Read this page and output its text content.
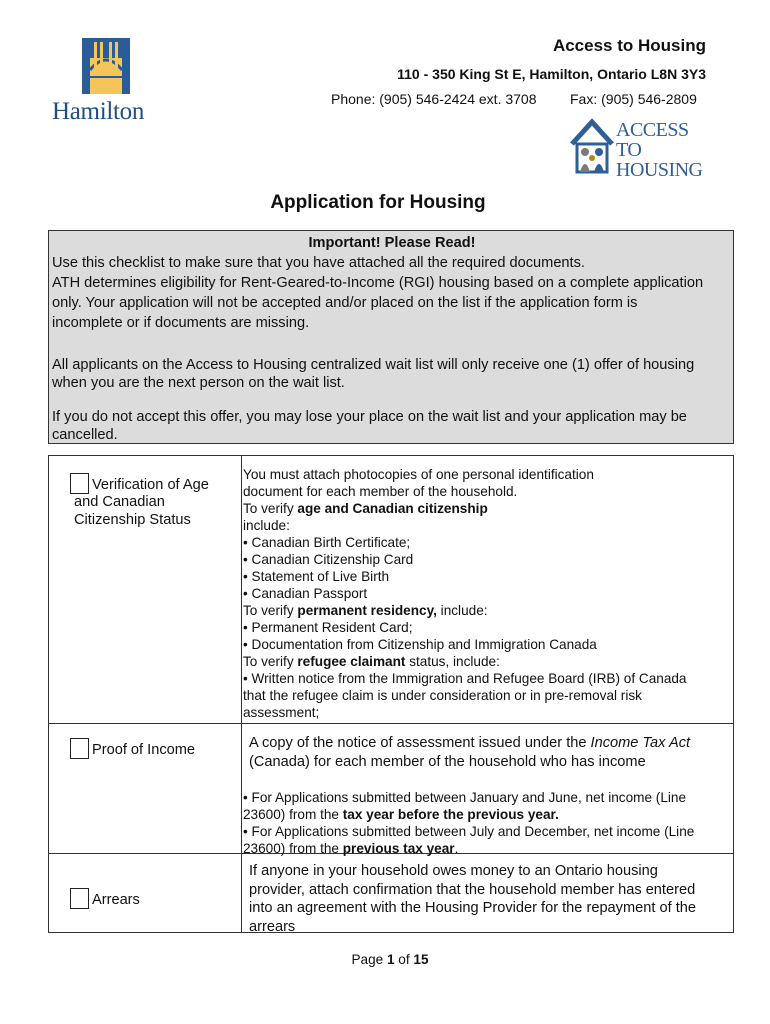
Hamilton
Access to Housing
110 - 350 King St E, Hamilton, Ontario L8N 3Y3
Phone: (905) 546-2424 ext. 3708 Fax: (905) 546-2809
ACCESS
TO
HOUSING
Application for Housing
Important! Please Read!
Use this checklist to make sure that you have attached all the required documents.
ATH determines eligibility for Rent-Geared-to-Income (RGI) housing based on a complete application
only. Your application will not be accepted and/or placed on the list if the application form is
incomplete or if documents are missing.
All applicants on the Access to Housing centralized wait list will only receive one (1) offer of housing
when you are the next person on the wait list.
If you do not accept this offer, you may lose your place on the wait list and your application may be
cancelled.
Verification of Age
and Canadian
Citizenship Status
You must attach photocopies of one personal identification
document for each member of the household.
To verify age and Canadian citizenship
include:
• Canadian Birth Certificate;
• Canadian Citizenship Card
• Statement of Live Birth
• Canadian Passport
To verify permanent residency, include:
• Permanent Resident Card;
• Documentation from Citizenship and Immigration Canada
To verify refugee claimant status, include:
• Written notice from the Immigration and Refugee Board (IRB) of Canada
that the refugee claim is under consideration or in pre-removal risk
assessment;
Proof of Income	A copy of the notice of assessment issued under the Income Tax Act
(Canada) for each member of the household who has income
• For Applications submitted between January and June, net income (Line
23600) from the tax year before the previous year.
• For Applications submitted between July and December, net income (Line
23600) from the previous tax year.
Arrears
If anyone in your household owes money to an Ontario housing
provider, attach confirmation that the household member has entered
into an agreement with the Housing Provider for the repayment of the
arrears
Page 1 of 15
